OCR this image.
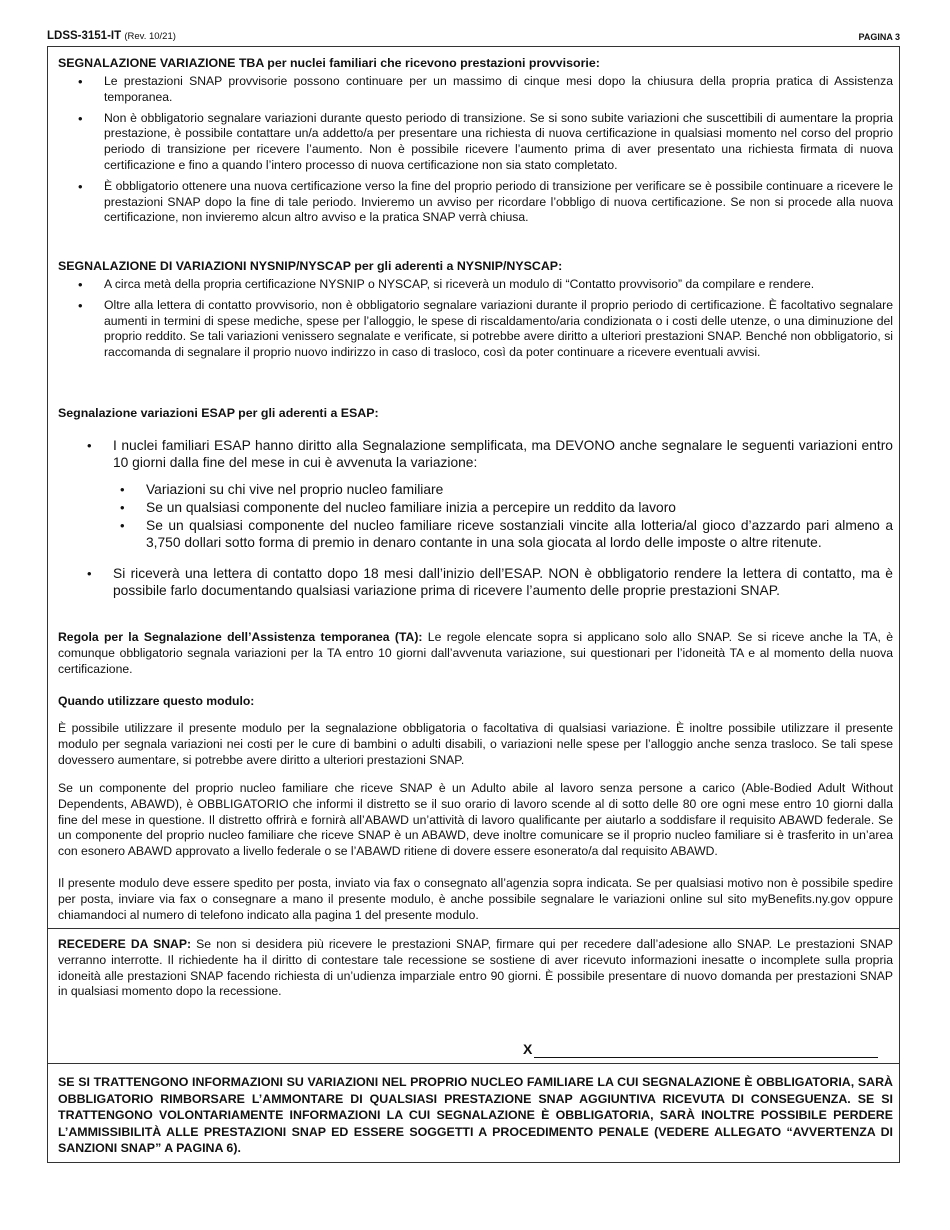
LDSS-3151-IT (Rev. 10/21)	PAGINA 3
SEGNALAZIONE VARIAZIONE TBA per nuclei familiari che ricevono prestazioni provvisorie:
• Le prestazioni SNAP provvisorie possono continuare per un massimo di cinque mesi dopo la chiusura della propria pratica di Assistenza temporanea.
• Non è obbligatorio segnalare variazioni durante questo periodo di transizione. Se si sono subite variazioni che suscettibili di aumentare la propria prestazione, è possibile contattare un/a addetto/a per presentare una richiesta di nuova certificazione in qualsiasi momento nel corso del proprio periodo di transizione per ricevere l’aumento. Non è possibile ricevere l’aumento prima di aver presentato una richiesta firmata di nuova certificazione e fino a quando l’intero processo di nuova certificazione non sia stato completato.
• È obbligatorio ottenere una nuova certificazione verso la fine del proprio periodo di transizione per verificare se è possibile continuare a ricevere le prestazioni SNAP dopo la fine di tale periodo. Invieremo un avviso per ricordare l’obbligo di nuova certificazione. Se non si procede alla nuova certificazione, non invieremo alcun altro avviso e la pratica SNAP verrà chiusa.
SEGNALAZIONE DI VARIAZIONI NYSNIP/NYSCAP per gli aderenti a NYSNIP/NYSCAP:
• A circa metà della propria certificazione NYSNIP o NYSCAP, si riceverà un modulo di “Contatto provvisorio” da compilare e rendere.
• Oltre alla lettera di contatto provvisorio, non è obbligatorio segnalare variazioni durante il proprio periodo di certificazione. È facoltativo segnalare aumenti in termini di spese mediche, spese per l’alloggio, le spese di riscaldamento/aria condizionata o i costi delle utenze, o una diminuzione del proprio reddito. Se tali variazioni venissero segnalate e verificate, si potrebbe avere diritto a ulteriori prestazioni SNAP. Benché non obbligatorio, si raccomanda di segnalare il proprio nuovo indirizzo in caso di trasloco, così da poter continuare a ricevere eventuali avvisi.
Segnalazione variazioni ESAP per gli aderenti a ESAP:
• I nuclei familiari ESAP hanno diritto alla Segnalazione semplificata, ma DEVONO anche segnalare le seguenti variazioni entro 10 giorni dalla fine del mese in cui è avvenuta la variazione:
• Variazioni su chi vive nel proprio nucleo familiare
• Se un qualsiasi componente del nucleo familiare inizia a percepire un reddito da lavoro
• Se un qualsiasi componente del nucleo familiare riceve sostanziali vincite alla lotteria/al gioco d’azzardo pari almeno a 3,750 dollari sotto forma di premio in denaro contante in una sola giocata al lordo delle imposte o altre ritenute.
• Si riceverà una lettera di contatto dopo 18 mesi dall’inizio dell’ESAP. NON è obbligatorio rendere la lettera di contatto, ma è possibile farlo documentando qualsiasi variazione prima di ricevere l’aumento delle proprie prestazioni SNAP.
Regola per la Segnalazione dell’Assistenza temporanea (TA): Le regole elencate sopra si applicano solo allo SNAP. Se si riceve anche la TA, è comunque obbligatorio segnala variazioni per la TA entro 10 giorni dall’avvenuta variazione, sui questionari per l’idoneità TA e al momento della nuova certificazione.
Quando utilizzare questo modulo:
È possibile utilizzare il presente modulo per la segnalazione obbligatoria o facoltativa di qualsiasi variazione. È inoltre possibile utilizzare il presente modulo per segnala variazioni nei costi per le cure di bambini o adulti disabili, o variazioni nelle spese per l’alloggio anche senza trasloco. Se tali spese dovessero aumentare, si potrebbe avere diritto a ulteriori prestazioni SNAP.
Se un componente del proprio nucleo familiare che riceve SNAP è un Adulto abile al lavoro senza persone a carico (Able-Bodied Adult Without Dependents, ABAWD), è OBBLIGATORIO che informi il distretto se il suo orario di lavoro scende al di sotto delle 80 ore ogni mese entro 10 giorni dalla fine del mese in questione. Il distretto offrirà e fornirà all’ABAWD un’attività di lavoro qualificante per aiutarlo a soddisfare il requisito ABAWD federale. Se un componente del proprio nucleo familiare che riceve SNAP è un ABAWD, deve inoltre comunicare se il proprio nucleo familiare si è trasferito in un’area con esonero ABAWD approvato a livello federale o se l’ABAWD ritiene di dovere essere esonerato/a dal requisito ABAWD.
Il presente modulo deve essere spedito per posta, inviato via fax o consegnato all’agenzia sopra indicata. Se per qualsiasi motivo non è possibile spedire per posta, inviare via fax o consegnare a mano il presente modulo, è anche possibile segnalare le variazioni online sul sito myBenefits.ny.gov oppure chiamandoci al numero di telefono indicato alla pagina 1 del presente modulo.
RECEDERE DA SNAP: Se non si desidera più ricevere le prestazioni SNAP, firmare qui per recedere dall’adesione allo SNAP. Le prestazioni SNAP verranno interrotte. Il richiedente ha il diritto di contestare tale recessione se sostiene di aver ricevuto informazioni inesatte o incomplete sulla propria idoneità alle prestazioni SNAP facendo richiesta di un’udienza imparziale entro 90 giorni. È possibile presentare di nuovo domanda per prestazioni SNAP in qualsiasi momento dopo la recessione.
X
SE SI TRATTENGONO INFORMAZIONI SU VARIAZIONI NEL PROPRIO NUCLEO FAMILIARE LA CUI SEGNALAZIONE È OBBLIGATORIA, SARÀ OBBLIGATORIO RIMBORSARE L’AMMONTARE DI QUALSIASI PRESTAZIONE SNAP AGGIUNTIVA RICEVUTA DI CONSEGUENZA. SE SI TRATTENGONO VOLONTARIAMENTE INFORMAZIONI LA CUI SEGNALAZIONE È OBBLIGATORIA, SARÀ INOLTRE POSSIBILE PERDERE L’AMMISSIBILITÀ ALLE PRESTAZIONI SNAP ED ESSERE SOGGETTI A PROCEDIMENTO PENALE (VEDERE ALLEGATO “AVVERTENZA DI SANZIONI SNAP” A PAGINA 6).
